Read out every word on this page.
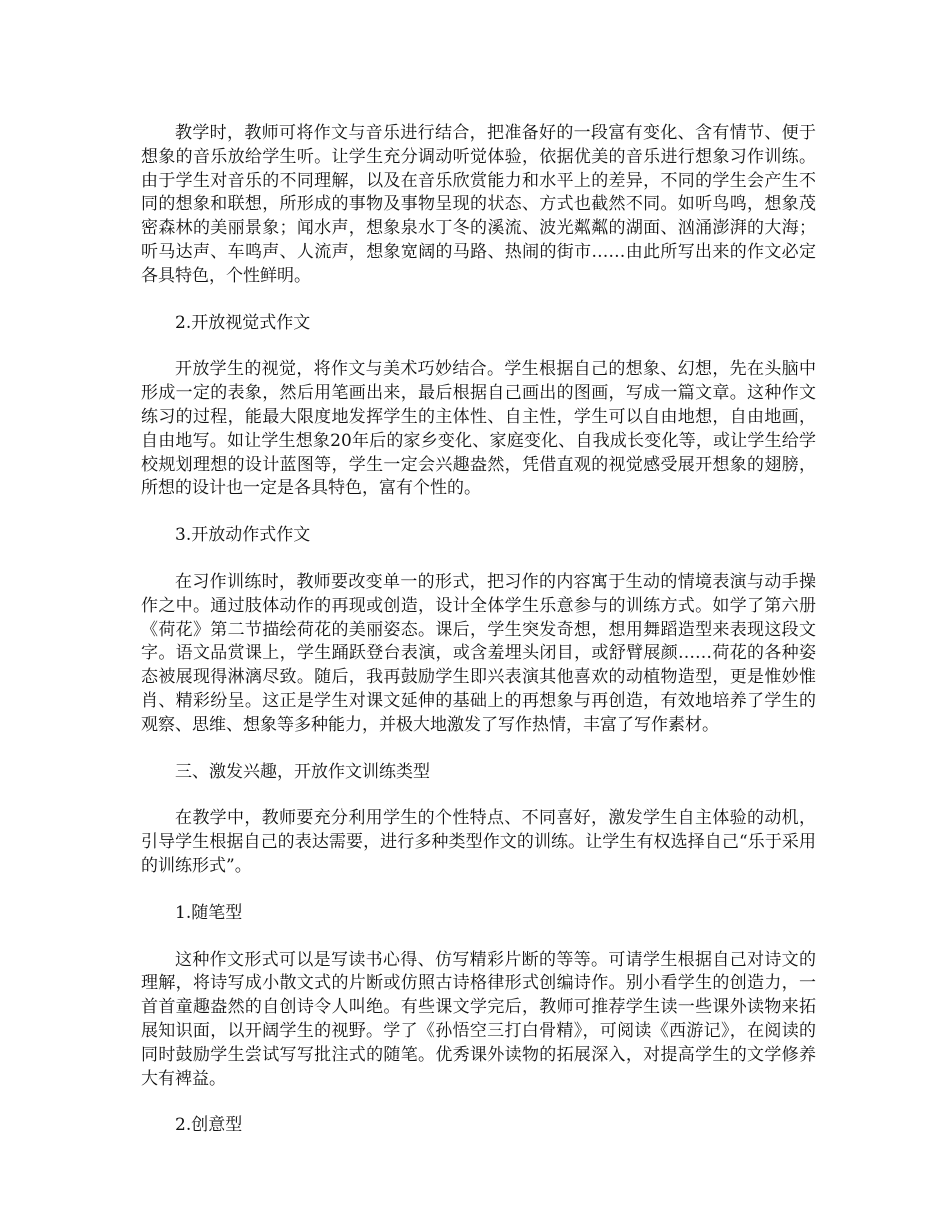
教学时，教师可将作文与音乐进行结合，把准备好的一段富有变化、含有情节、便于想象的音乐放给学生听。让学生充分调动听觉体验，依据优美的音乐进行想象习作训练。由于学生对音乐的不同理解，以及在音乐欣赏能力和水平上的差异，不同的学生会产生不同的想象和联想，所形成的事物及事物呈现的状态、方式也截然不同。如听鸟鸣，想象茂密森林的美丽景象；闻水声，想象泉水丁冬的溪流、波光粼粼的湖面、汹涌澎湃的大海；听马达声、车鸣声、人流声，想象宽阔的马路、热闹的街市……由此所写出来的作文必定各具特色，个性鲜明。

2.开放视觉式作文

开放学生的视觉，将作文与美术巧妙结合。学生根据自己的想象、幻想，先在头脑中形成一定的表象，然后用笔画出来，最后根据自己画出的图画，写成一篇文章。这种作文练习的过程，能最大限度地发挥学生的主体性、自主性，学生可以自由地想，自由地画，自由地写。如让学生想象20年后的家乡变化、家庭变化、自我成长变化等，或让学生给学校规划理想的设计蓝图等，学生一定会兴趣盎然，凭借直观的视觉感受展开想象的翅膀，所想的设计也一定是各具特色，富有个性的。

3.开放动作式作文

在习作训练时，教师要改变单一的形式，把习作的内容寓于生动的情境表演与动手操作之中。通过肢体动作的再现或创造，设计全体学生乐意参与的训练方式。如学了第六册《荷花》第二节描绘荷花的美丽姿态。课后，学生突发奇想，想用舞蹈造型来表现这段文字。语文品赏课上，学生踊跃登台表演，或含羞埋头闭目，或舒臂展颜……荷花的各种姿态被展现得淋漓尽致。随后，我再鼓励学生即兴表演其他喜欢的动植物造型，更是惟妙惟肖、精彩纷呈。这正是学生对课文延伸的基础上的再想象与再创造，有效地培养了学生的观察、思维、想象等多种能力，并极大地激发了写作热情，丰富了写作素材。

三、激发兴趣，开放作文训练类型

在教学中，教师要充分利用学生的个性特点、不同喜好，激发学生自主体验的动机，引导学生根据自己的表达需要，进行多种类型作文的训练。让学生有权选择自己“乐于采用的训练形式”。

1.随笔型

这种作文形式可以是写读书心得、仿写精彩片断的等等。可请学生根据自己对诗文的理解，将诗写成小散文式的片断或仿照古诗格律形式创编诗作。别小看学生的创造力，一首首童趣盎然的自创诗令人叫绝。有些课文学完后，教师可推荐学生读一些课外读物来拓展知识面，以开阔学生的视野。学了《孙悟空三打白骨精》，可阅读《西游记》，在阅读的同时鼓励学生尝试写写批注式的随笔。优秀课外读物的拓展深入，对提高学生的文学修养大有裨益。

2.创意型
